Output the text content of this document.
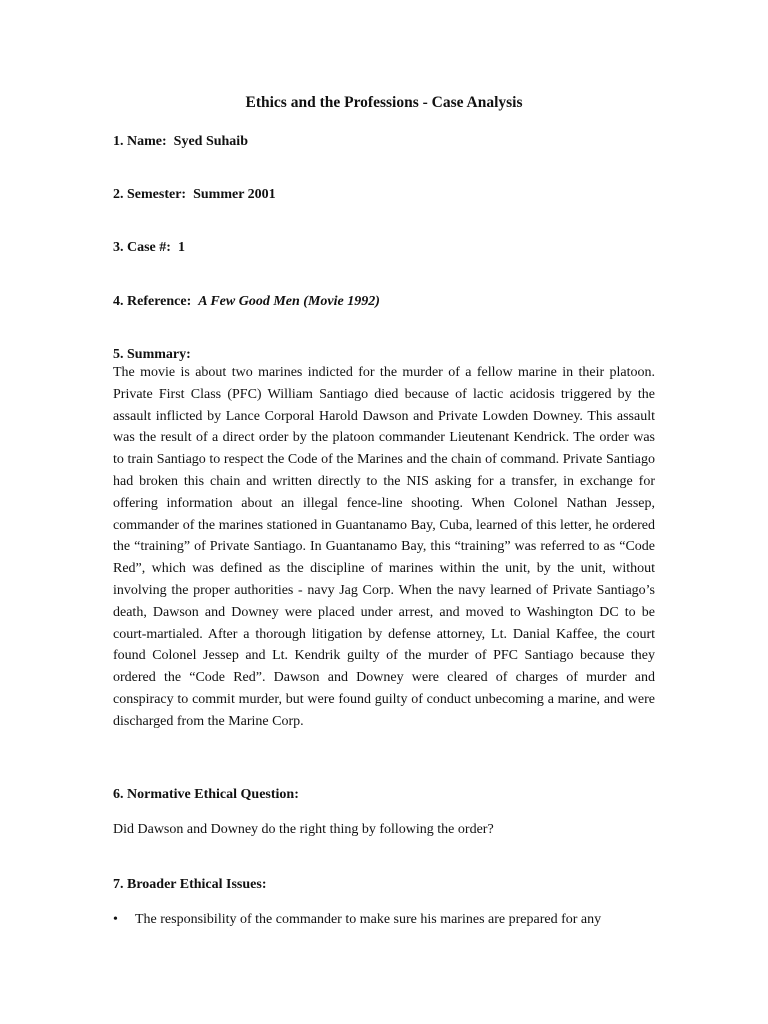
Ethics and the Professions - Case Analysis

1. Name: Syed Suhaib

2. Semester: Summer 2001

3. Case #: 1

4. Reference: A Few Good Men (Movie 1992)

5. Summary:

The movie is about two marines indicted for the murder of a fellow marine in their platoon. Private First Class (PFC) William Santiago died because of lactic acidosis triggered by the assault inflicted by Lance Corporal Harold Dawson and Private Lowden Downey. This assault was the result of a direct order by the platoon commander Lieutenant Kendrick. The order was to train Santiago to respect the Code of the Marines and the chain of command. Private Santiago had broken this chain and written directly to the NIS asking for a transfer, in exchange for offering information about an illegal fence-line shooting. When Colonel Nathan Jessep, commander of the marines stationed in Guantanamo Bay, Cuba, learned of this letter, he ordered the “training” of Private Santiago. In Guantanamo Bay, this “training” was referred to as “Code Red”, which was defined as the discipline of marines within the unit, by the unit, without involving the proper authorities - navy Jag Corp. When the navy learned of Private Santiago’s death, Dawson and Downey were placed under arrest, and moved to Washington DC to be court-martialed. After a thorough litigation by defense attorney, Lt. Danial Kaffee, the court found Colonel Jessep and Lt. Kendrik guilty of the murder of PFC Santiago because they ordered the “Code Red”. Dawson and Downey were cleared of charges of murder and conspiracy to commit murder, but were found guilty of conduct unbecoming a marine, and were discharged from the Marine Corp.

6. Normative Ethical Question:

Did Dawson and Downey do the right thing by following the order?

7. Broader Ethical Issues:

• The responsibility of the commander to make sure his marines are prepared for any
